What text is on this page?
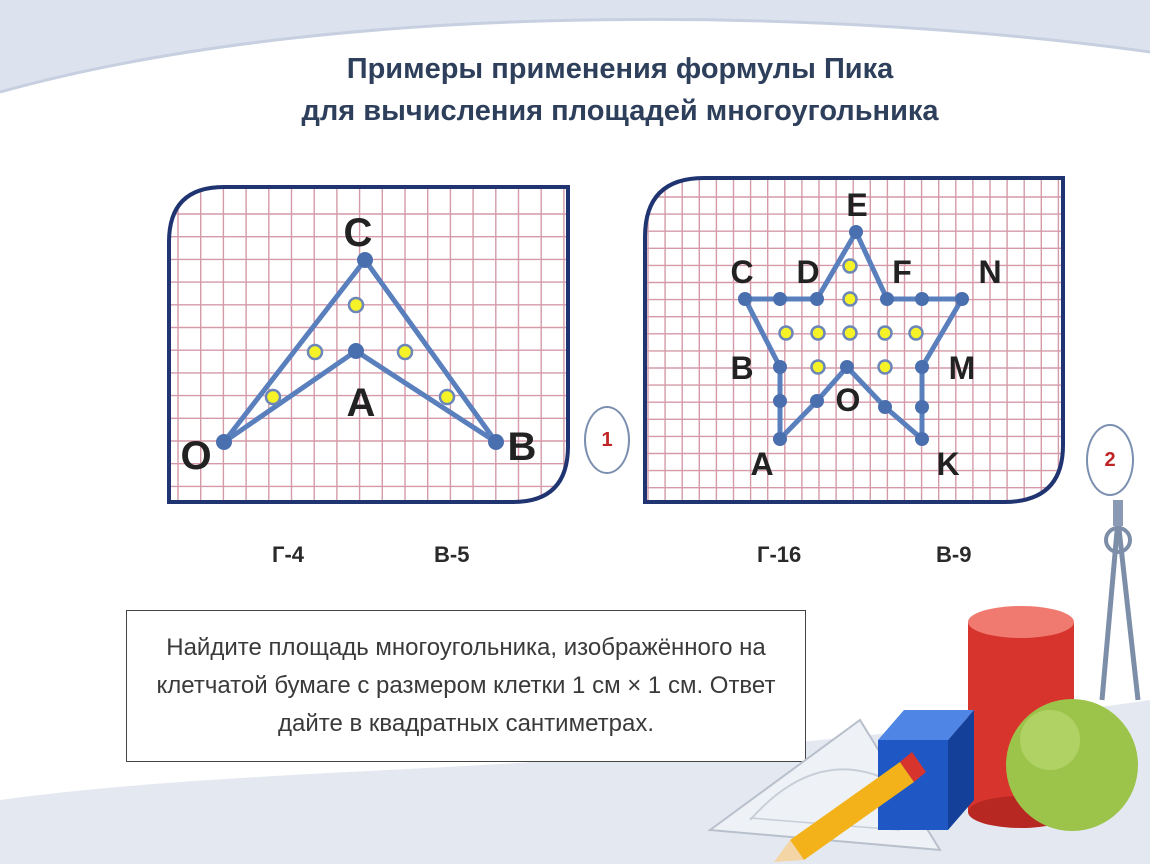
Примеры применения формулы Пика
для вычисления площадей многоугольника
C
A
O	B	1
Г-4	В-5
E
C D F N
B	M
O
A	K	2
Г-16	В-9
Найдите площадь многоугольника, изображённого на клетчатой бумаге с размером клетки 1 см × 1 см. Ответ дайте в квадратных сантиметрах.
